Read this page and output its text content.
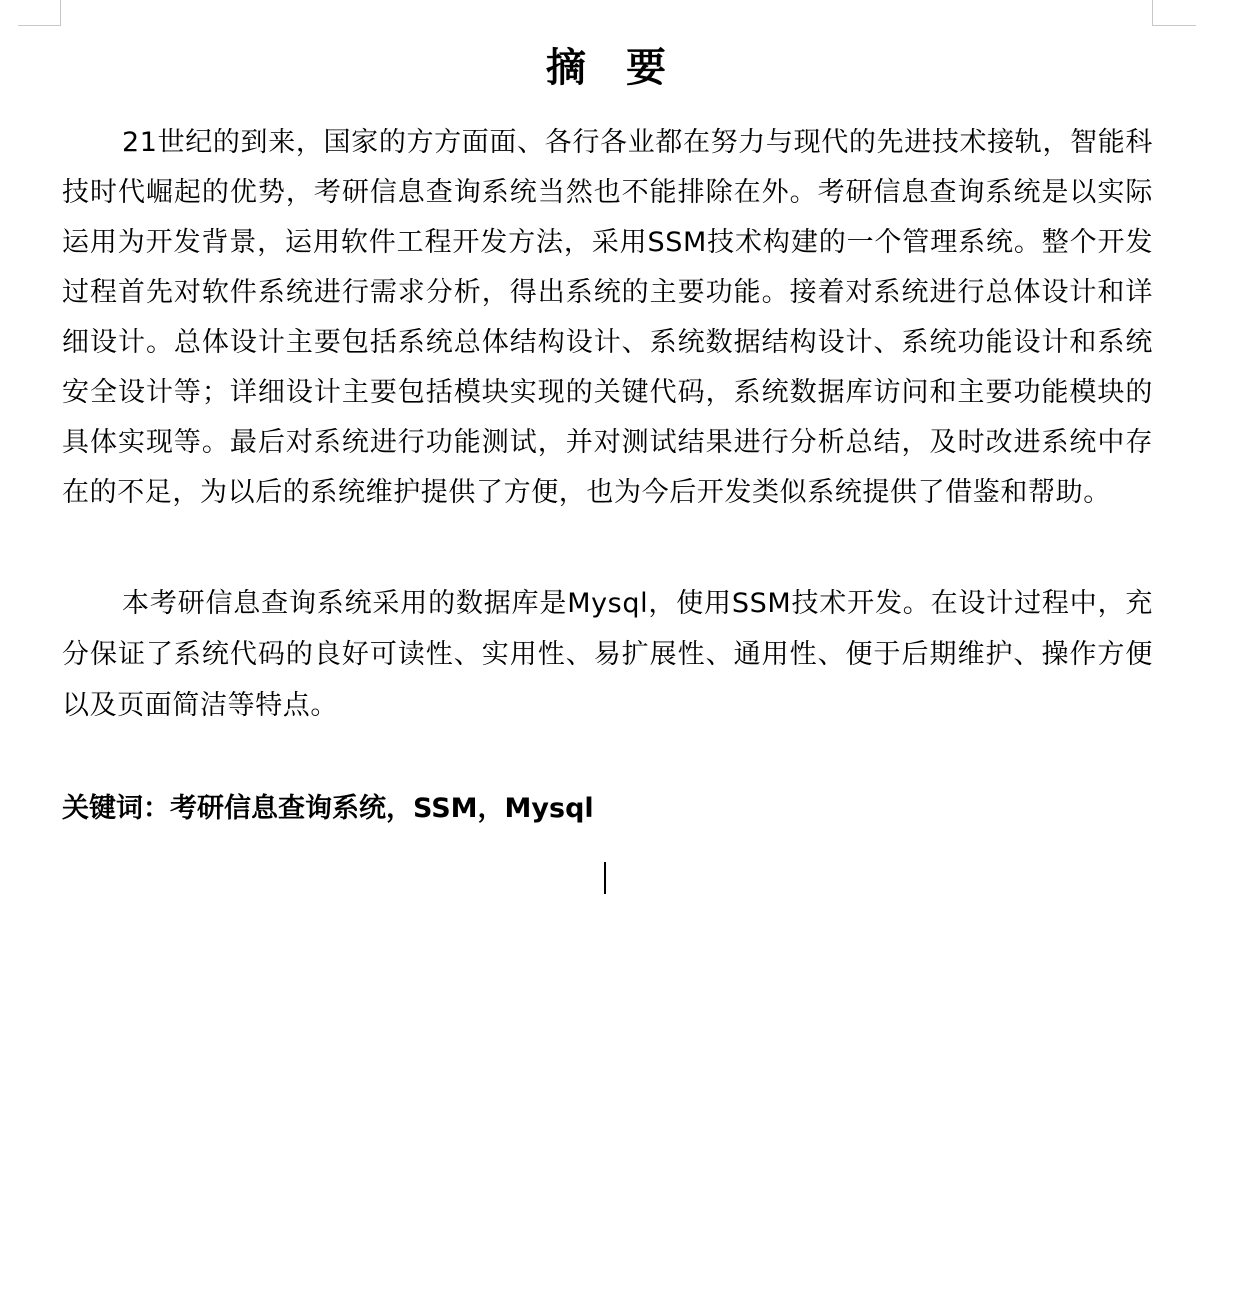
摘要

21世纪的到来，国家的方方面面、各行各业都在努力与现代的先进技术接轨，智能科技时代崛起的优势，考研信息查询系统当然也不能排除在外。考研信息查询系统是以实际运用为开发背景，运用软件工程开发方法，采用SSM技术构建的一个管理系统。整个开发过程首先对软件系统进行需求分析，得出系统的主要功能。接着对系统进行总体设计和详细设计。总体设计主要包括系统总体结构设计、系统数据结构设计、系统功能设计和系统安全设计等；详细设计主要包括模块实现的关键代码，系统数据库访问和主要功能模块的具体实现等。最后对系统进行功能测试，并对测试结果进行分析总结，及时改进系统中存在的不足，为以后的系统维护提供了方便，也为今后开发类似系统提供了借鉴和帮助。

本考研信息查询系统采用的数据库是Mysql，使用SSM技术开发。在设计过程中，充分保证了系统代码的良好可读性、实用性、易扩展性、通用性、便于后期维护、操作方便以及页面简洁等特点。

关键词：考研信息查询系统，SSM，Mysql
